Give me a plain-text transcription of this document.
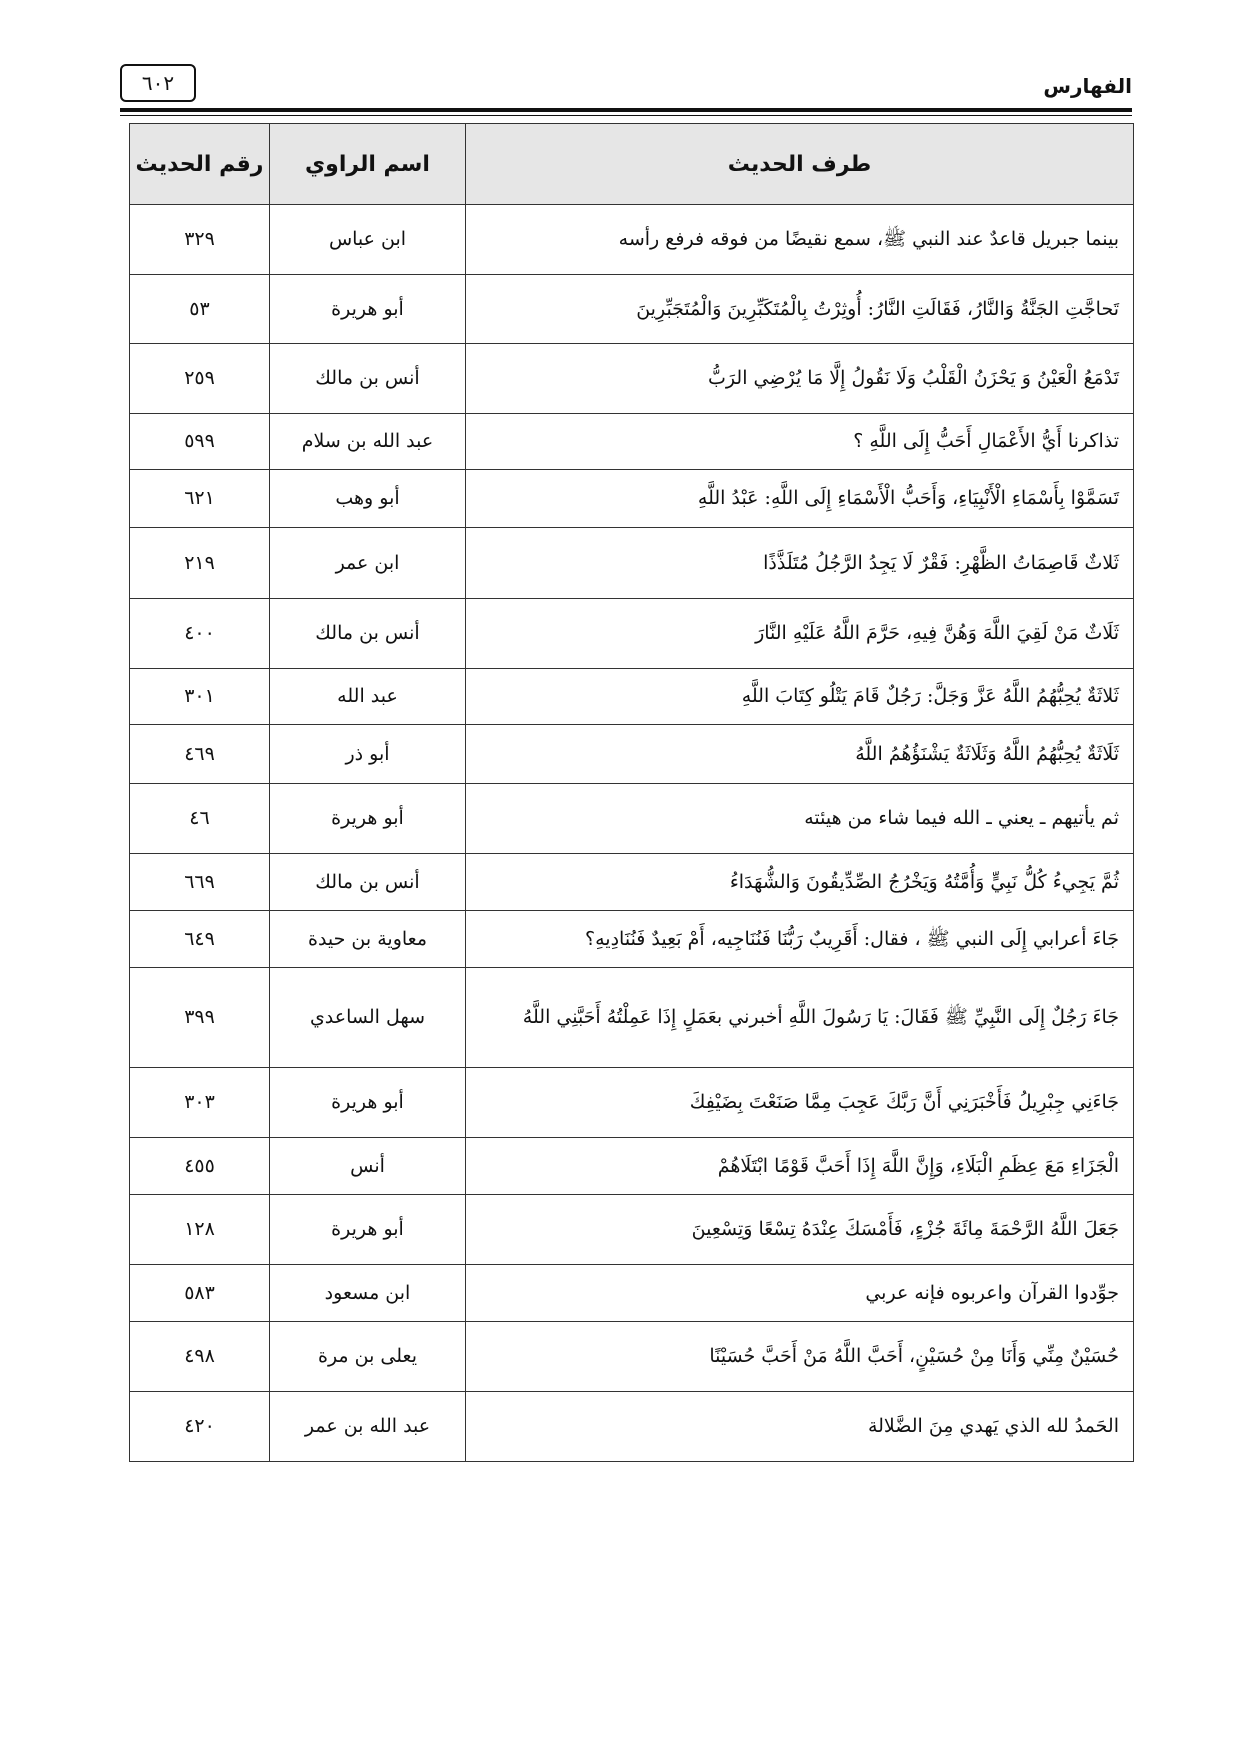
٦٠٢	الفهارس
طرف الحديث	اسم الراوي	رقم الحديث
بينما جبريل قاعدٌ عند النبي ﷺ، سمع نقيضًا من فوقه فرفع رأسه	ابن عباس	٣٢٩
تَحاجَّتِ الجَنَّةُ وَالنَّارُ، فَقَالَتِ النَّارُ: أُوثِرْتُ بِالْمُتَكَبِّرِينَ وَالْمُتَجَبِّرِينَ	أبو هريرة	٥٣
تَدْمَعُ الْعَيْنُ وَ يَحْزَنُ الْقَلْبُ وَلَا نَقُولُ إِلَّا مَا يُرْضِي الرَبُّ	أنس بن مالك	٢٥٩
تذاكرنا أَيُّ الأَعْمَالِ أَحَبُّ إِلَى اللَّهِ ؟	عبد الله بن سلام	٥٩٩
تَسَمَّوْا بِأَسْمَاءِ الْأَنْبِيَاءِ، وَأَحَبُّ الْأَسْمَاءِ إِلَى اللَّهِ: عَبْدُ اللَّهِ	أبو وهب	٦٢١
ثَلاثٌ قَاصِمَاتُ الظَّهْرِ: فَقْرٌ لَا يَجِدُ الرَّجُلُ مُتَلَذَّذًا	ابن عمر	٢١٩
ثَلَاثٌ مَنْ لَقِيَ اللَّهَ وَهُنَّ فِيهِ، حَرَّمَ اللَّهُ عَلَيْهِ النَّارَ	أنس بن مالك	٤٠٠
ثَلاثَةٌ يُحِبُّهُمُ اللَّهُ عَزَّ وَجَلَّ: رَجُلٌ قَامَ يَتْلُو كِتَابَ اللَّهِ	عبد الله	٣٠١
ثَلَاثَةٌ يُحِبُّهُمُ اللَّهُ وَثَلَاثَةٌ يَشْنَؤُهُمُ اللَّهُ	أبو ذر	٤٦٩
ثم يأتيهم ـ يعني ـ الله فيما شاء من هيئته	أبو هريرة	٤٦
ثُمَّ يَجِيءُ كُلُّ نَبِيٍّ وَأُمَّتُهُ وَيَخْرُجُ الصِّدِّيقُونَ وَالشُّهَدَاءُ	أنس بن مالك	٦٦٩
جَاءَ أعرابي إِلَى النبي ﷺ ، فقال: أَقَرِيبٌ رَبُّنَا فَنُنَاجِيه، أَمْ بَعِيدٌ فَنُنَادِيهِ؟	معاوية بن حيدة	٦٤٩
جَاءَ رَجُلٌ إِلَى النَّبِيِّ ﷺ فَقَالَ: يَا رَسُولَ اللَّهِ أخبرني بعَمَلٍ إِذَا عَمِلْتُهُ أَحَبَّنِي اللَّهُ	سهل الساعدي	٣٩٩
جَاءَنِي جِبْرِيلُ فَأَخْبَرَنِي أَنَّ رَبَّكَ عَجِبَ مِمَّا صَنَعْتَ بِضَيْفِكَ	أبو هريرة	٣٠٣
الْجَزَاءِ مَعَ عِظَمِ الْبَلَاءِ، وَإِنَّ اللَّهَ إِذَا أَحَبَّ قَوْمًا ابْتَلَاهُمْ	أنس	٤٥٥
جَعَلَ اللَّهُ الرَّحْمَةَ مِائَةَ جُزْءٍ، فَأَمْسَكَ عِنْدَهُ تِسْعًا وَتِسْعِينَ	أبو هريرة	١٢٨
جوِّدوا القرآن واعربوه فإنه عربي	ابن مسعود	٥٨٣
حُسَيْنٌ مِنِّي وَأَنَا مِنْ حُسَيْنٍ، أَحَبَّ اللَّهُ مَنْ أَحَبَّ حُسَيْنًا	يعلى بن مرة	٤٩٨
الحَمدُ لله الذي يَهدي مِنَ الضَّلالة	عبد الله بن عمر	٤٢٠
